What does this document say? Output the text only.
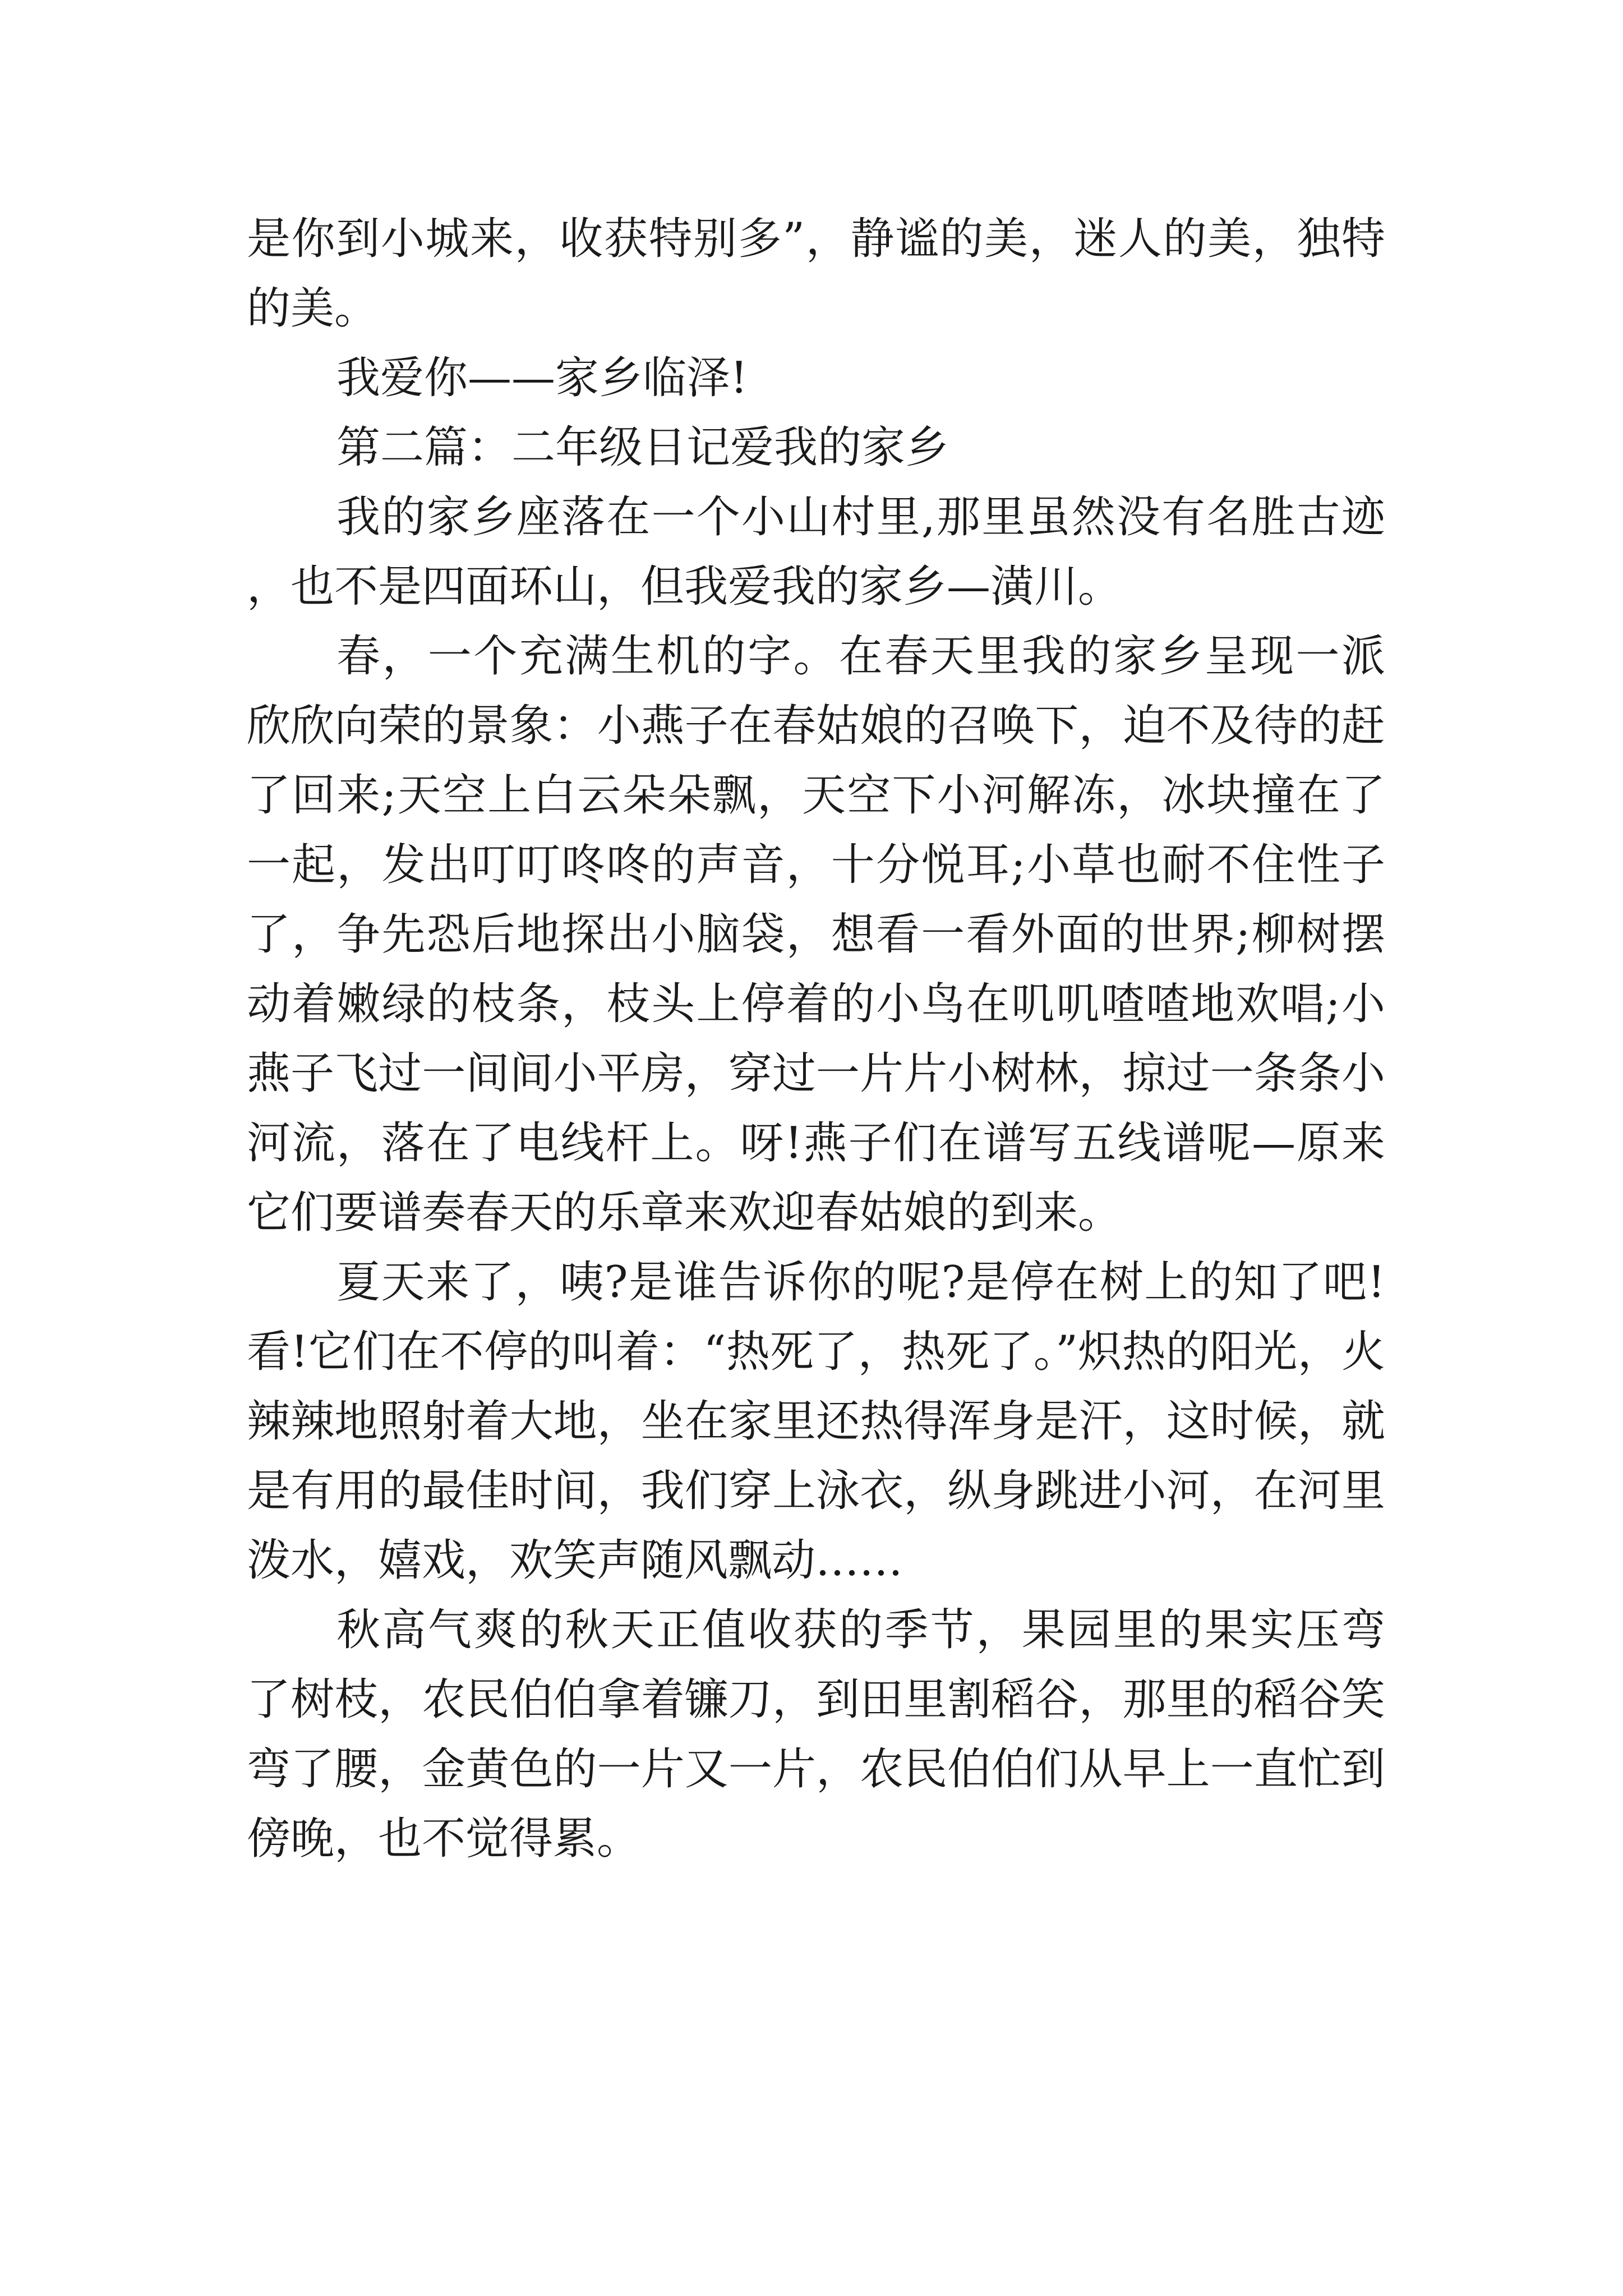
是你到小城来，收获特别多”，静谧的美，迷人的美，独特的美。

我爱你——家乡临泽!

第二篇：二年级日记爱我的家乡

我的家乡座落在一个小山村里,那里虽然没有名胜古迹，也不是四面环山，但我爱我的家乡—潢川。

春，一个充满生机的字。在春天里我的家乡呈现一派欣欣向荣的景象：小燕子在春姑娘的召唤下，迫不及待的赶了回来;天空上白云朵朵飘，天空下小河解冻，冰块撞在了一起，发出叮叮咚咚的声音，十分悦耳;小草也耐不住性子了，争先恐后地探出小脑袋，想看一看外面的世界;柳树摆动着嫩绿的枝条，枝头上停着的小鸟在叽叽喳喳地欢唱;小燕子飞过一间间小平房，穿过一片片小树林，掠过一条条小河流，落在了电线杆上。呀!燕子们在谱写五线谱呢—原来它们要谱奏春天的乐章来欢迎春姑娘的到来。

夏天来了，咦?是谁告诉你的呢?是停在树上的知了吧!看!它们在不停的叫着：“热死了，热死了。”炽热的阳光，火辣辣地照射着大地，坐在家里还热得浑身是汗，这时候，就是有用的最佳时间，我们穿上泳衣，纵身跳进小河，在河里泼水，嬉戏，欢笑声随风飘动……

秋高气爽的秋天正值收获的季节，果园里的果实压弯了树枝，农民伯伯拿着镰刀，到田里割稻谷，那里的稻谷笑弯了腰，金黄色的一片又一片，农民伯伯们从早上一直忙到傍晚，也不觉得累。
